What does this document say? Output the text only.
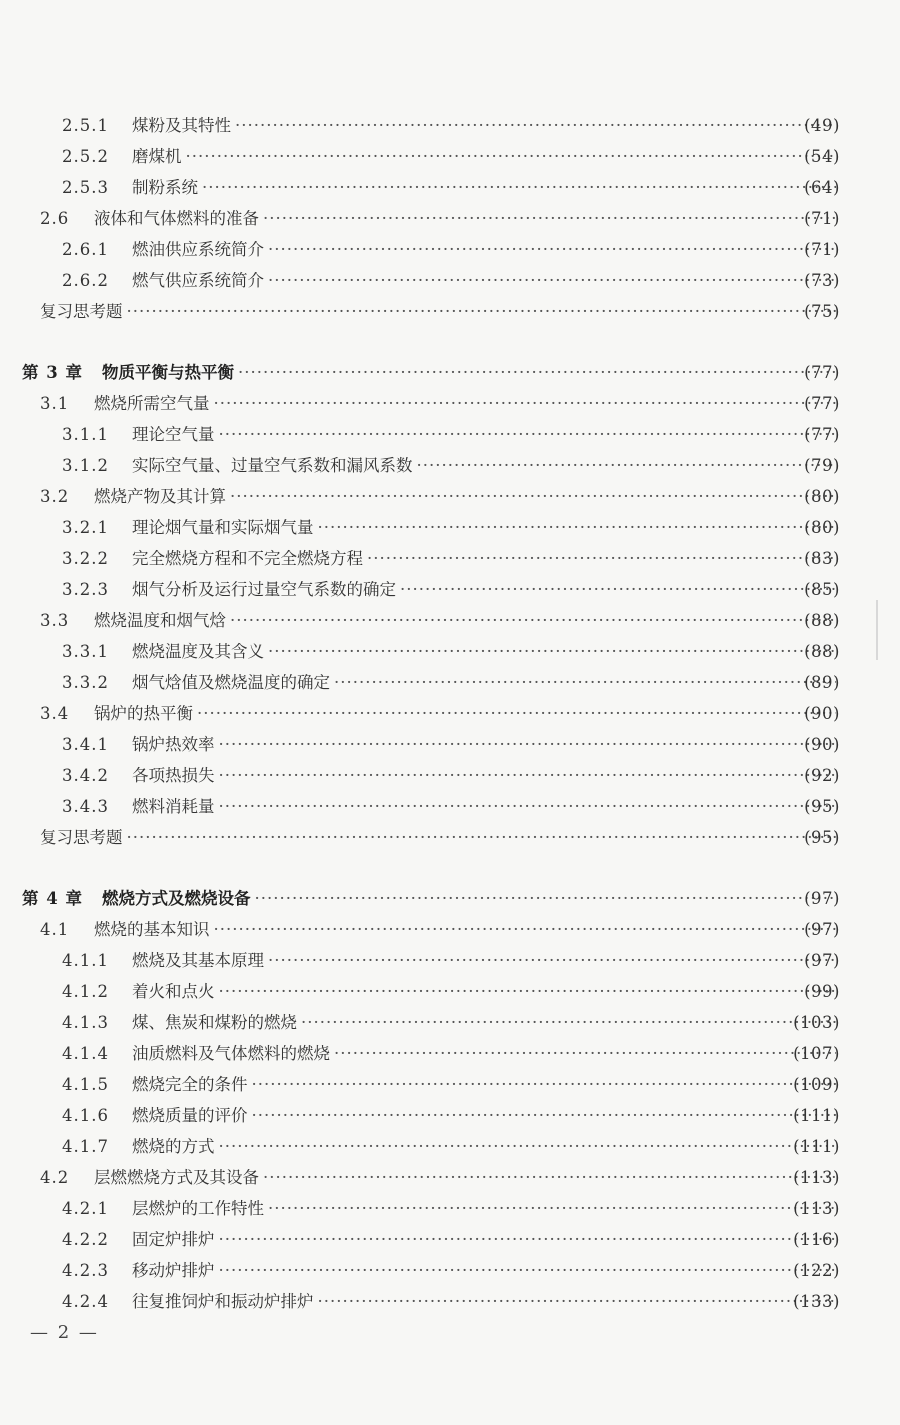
2.5.1	煤粉及其特性 ·····	(49)
2.5.2	磨煤机 ·····	(54)
2.5.3	制粉系统 ·····	(64)
2.6	液体和气体燃料的准备 ·····	(71)
2.6.1	燃油供应系统简介 ·····	(71)
2.6.2	燃气供应系统简介 ·····	(73)
复习思考题 ·····	(75)
第 3 章	物质平衡与热平衡 ·····	(77)
3.1	燃烧所需空气量 ·····	(77)
3.1.1	理论空气量 ·····	(77)
3.1.2	实际空气量、过量空气系数和漏风系数 ·····	(79)
3.2	燃烧产物及其计算 ·····	(80)
3.2.1	理论烟气量和实际烟气量 ·····	(80)
3.2.2	完全燃烧方程和不完全燃烧方程 ·····	(83)
3.2.3	烟气分析及运行过量空气系数的确定 ·····	(85)
3.3	燃烧温度和烟气焓 ·····	(88)
3.3.1	燃烧温度及其含义 ·····	(88)
3.3.2	烟气焓值及燃烧温度的确定 ·····	(89)
3.4	锅炉的热平衡 ·····	(90)
3.4.1	锅炉热效率 ·····	(90)
3.4.2	各项热损失 ·····	(92)
3.4.3	燃料消耗量 ·····	(95)
复习思考题 ·····	(95)
第 4 章	燃烧方式及燃烧设备 ·····	(97)
4.1	燃烧的基本知识 ·····	(97)
4.1.1	燃烧及其基本原理 ·····	(97)
4.1.2	着火和点火 ·····	(99)
4.1.3	煤、焦炭和煤粉的燃烧 ·····	(103)
4.1.4	油质燃料及气体燃料的燃烧 ·····	(107)
4.1.5	燃烧完全的条件 ·····	(109)
4.1.6	燃烧质量的评价 ·····	(111)
4.1.7	燃烧的方式 ·····	(111)
4.2	层燃燃烧方式及其设备 ·····	(113)
4.2.1	层燃炉的工作特性 ·····	(113)
4.2.2	固定炉排炉 ·····	(116)
4.2.3	移动炉排炉 ·····	(122)
4.2.4	往复推饲炉和振动炉排炉 ·····	(133)
— 2 —
